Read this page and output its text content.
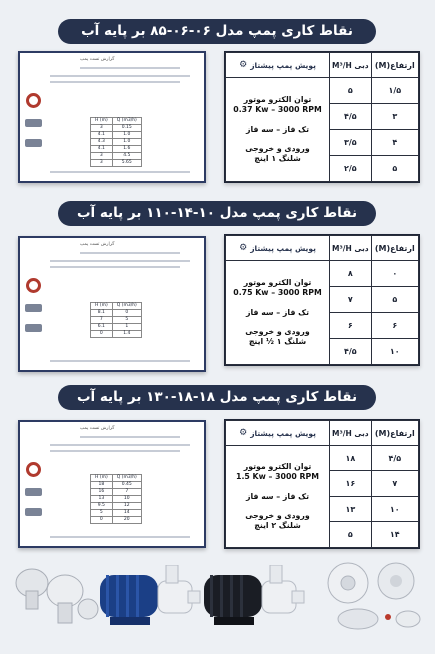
نقاط کاری پمپ مدل ۰۶-۰۶-۸۵ بر پایه آب
گزارش تست پمپ
H (m)	Q (m3/h)
3	0.15
4.1	1.0
4.3	1.0
4.1	1.6
3	4.5
3	5.65
ارتفاع(M)	دبی M³/H	پویش پمپ پیشتاز
⚙

۱/۵	۵	توان الکترو موتور
0.37 Kw – 3000 RPM
تک فاز – سه فاز
ورودی و خروجی
شلنگ ۱ اینچ

۳	۴/۵	
۴	۳/۵	
۵	۲/۵	
نقاط کاری پمپ مدل ۱۰-۱۴-۱۱۰ بر پایه آب
گزارش تست پمپ
H (m)	Q (m3/h)
8.1	0
7	5
6.1	1
0	1.4
ارتفاع(M)	دبی M³/H	پویش پمپ پیشتاز
⚙

۰	۸	توان الکترو موتور
0.75 Kw – 3000 RPM
تک فاز – سه فاز
ورودی و خروجی
شلنگ ۱ ½ اینچ

۵	۷	
۶	۶	
۱۰	۴/۵	
نقاط کاری پمپ مدل ۱۸-۱۸-۱۳۰ بر پایه آب
گزارش تست پمپ
H (m)	Q (m3/h)
18	0.45
16	7
13	10
9.5	12
5	14
0	20
ارتفاع(M)	دبی M³/H	پویش پمپ پیشتاز
⚙

۴/۵	۱۸	توان الکترو موتور
1.5 Kw – 3000 RPM
تک فاز – سه فاز
ورودی و خروجی
شلنگ ۲ اینچ

۷	۱۶	
۱۰	۱۳	
۱۴	۵	
